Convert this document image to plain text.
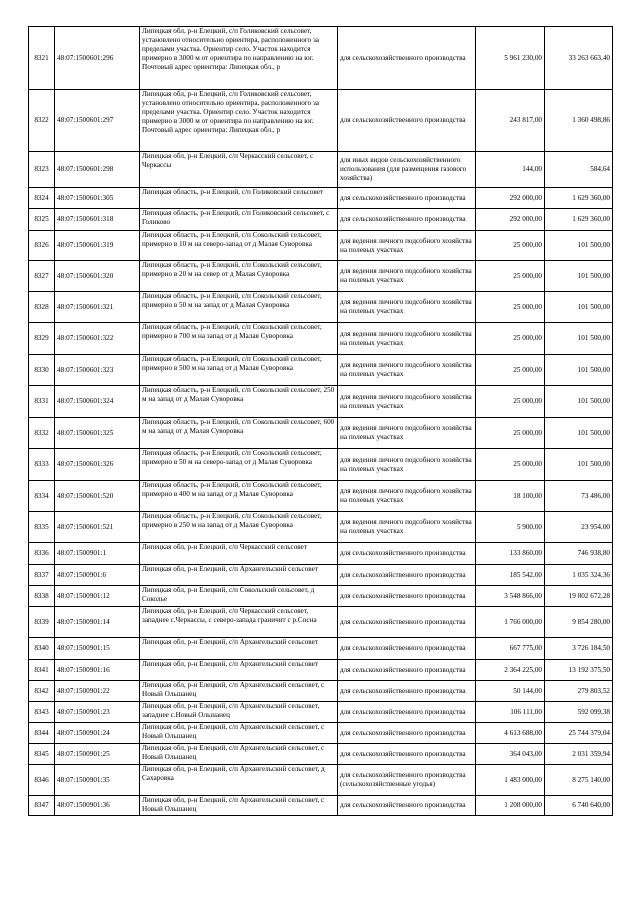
8321	48:07:1500601:296	Липецкая обл, р-н Елецкий, с/п Голиковский сельсовет, установлено относительно ориентира, расположенного за пределами участка. Ориентир село. Участок находится примерно в 3000 м от ориентира по направлению на юг. Почтовый адрес ориентира: Липецкая обл., р	для сельскохозяйственного производства	5 961 230,00	33 263 663,40

8322	48:07:1500601:297	Липецкая обл, р-н Елецкий, с/п Голиковский сельсовет, установлено относительно ориентира, расположенного за пределами участка. Ориентир село. Участок находится примерно в 3000 м от ориентира по направлению на юг. Почтовый адрес ориентира: Липецкая обл., р	для сельскохозяйственного производства	243 817,00	1 360 498,86

8323	48:07:1500601:298	Липецкая обл, р-н Елецкий, с/п Черкасский сельсовет, с Черкассы	для иных видов сельскохозяйственного использования (для размещения газового хозяйства)	144,00	584,64

8324	48:07:1500601:305	Липецкая область, р-н Елецкий, с/п Голиковский сельсовет	для сельскохозяйственного производства	292 000,00	1 629 360,00

8325	48:07:1500601:318	Липецкая область, р-н Елецкий, с/п Голиковский сельсовет, с Голиково	для сельскохозяйственного производства	292 000,00	1 629 360,00

8326	48:07:1500601:319	Липецкая область, р-н Елецкий, с/п Сокольский сельсовет, примерно в 10 м на северо-запад от д Малая Суворовка	для ведения личного подсобного хозяйства на полевых участках	25 000,00	101 500,00

8327	48:07:1500601:320	Липецкая область, р-н Елецкий, с/п Сокольский сельсовет, примерно в 20 м на север от д Малая Суворовка	для ведения личного подсобного хозяйства на полевых участках	25 000,00	101 500,00

8328	48:07:1500601:321	Липецкая область, р-н Елецкий, с/п Сокольский сельсовет, примерно в 50 м на запад от д Малая Суворовка	для ведения личного подсобного хозяйства на полевых участках	25 000,00	101 500,00

8329	48:07:1500601:322	Липецкая область, р-н Елецкий, с/п Сокольский сельсовет, примерно в 700 м на запад от д Малая Суворовка	для ведения личного подсобного хозяйства на полевых участках	25 000,00	101 500,00

8330	48:07:1500601:323	Липецкая область, р-н Елецкий, с/п Сокольский сельсовет, примерно в 500 м на запад от д Малая Суворовка	для ведения личного подсобного хозяйства на полевых участках	25 000,00	101 500,00

8331	48:07:1500601:324	Липецкая область, р-н Елецкий, с/п Сокольский сельсовет, 250 м на запад от д Малая Суворовка	для ведения личного подсобного хозяйства на полевых участках	25 000,00	101 500,00

8332	48:07:1500601:325	Липецкая область, р-н Елецкий, с/п Сокольский сельсовет, 600 м на запад от д Малая Суворовка	для ведения личного подсобного хозяйства на полевых участках	25 000,00	101 500,00

8333	48:07:1500601:326	Липецкая область, р-н Елецкий, с/п Сокольский сельсовет, примерно в 50 м на северо-запад от д Малая Суворовка	для ведения личного подсобного хозяйства на полевых участках	25 000,00	101 500,00

8334	48:07:1500601:520	Липецкая область, р-н Елецкий, с/п Сокольский сельсовет, примерно в 400 м на запад от д Малая Суворовка	для ведения личного подсобного хозяйства на полевых участках	18 100,00	73 486,00

8335	48:07:1500601:521	Липецкая область, р-н Елецкий, с/п Сокольский сельсовет, примерно в 250 м на запад от д Малая Суворовка	для ведения личного подсобного хозяйства на полевых участках	5 900,00	23 954,00

8336	48:07:1500901:1	Липецкая обл, р-н Елецкий, с/п Черкасский сельсовет	для сельскохозяйственного производства	133 860,00	746 938,80

8337	48:07:1500901:6	Липецкая обл, р-н Елецкий, с/п Архангельский сельсовет	для сельскохозяйственного производства	185 542,00	1 035 324,36

8338	48:07:1500901:12	Липецкая обл, р-н Елецкий, с/п Сокольский сельсовет, д Сокольe	для сельскохозяйственного производства	3 548 866,00	19 802 672,28

8339	48:07:1500901:14	Липецкая обл, р-н Елецкий, с/п Черкасский сельсовет, западнее с.Черкассы, с северо-запада граничит с р.Сосна	для сельскохозяйственного производства	1 766 000,00	9 854 280,00

8340	48:07:1500901:15	Липецкая обл, р-н Елецкий, с/п Архангельский сельсовет	для сельскохозяйственного производства	667 775,00	3 726 184,50

8341	48:07:1500901:16	Липецкая обл, р-н Елецкий, с/п Архангельский сельсовет	для сельскохозяйственного производства	2 364 225,00	13 192 375,50

8342	48:07:1500901:22	Липецкая обл, р-н Елецкий, с/п Архангельский сельсовет, с Новый Ольшанец	для сельскохозяйственного производства	50 144,00	279 803,52

8343	48:07:1500901:23	Липецкая обл, р-н Елецкий, с/п Архангельский сельсовет, западнее с.Новый Ольшанец	для сельскохозяйственного производства	106 111,00	592 099,38

8344	48:07:1500901:24	Липецкая обл, р-н Елецкий, с/п Архангельский сельсовет, с Новый Ольшанец	для сельскохозяйственного производства	4 613 688,00	25 744 379,04

8345	48:07:1500901:25	Липецкая обл, р-н Елецкий, с/п Архангельский сельсовет, с Новый Ольшанец	для сельскохозяйственного производства	364 043,00	2 031 359,94

8346	48:07:1500901:35	Липецкая обл, р-н Елецкий, с/п Архангельский сельсовет, д Сахаровка	для сельскохозяйственного производства (сельскохозяйственные угодья)	1 483 000,00	8 275 140,00

8347	48:07:1500901:36	Липецкая обл, р-н Елецкий, с/п Архангельский сельсовет, с Новый Ольшанец	для сельскохозяйственного производства	1 208 000,00	6 740 640,00
